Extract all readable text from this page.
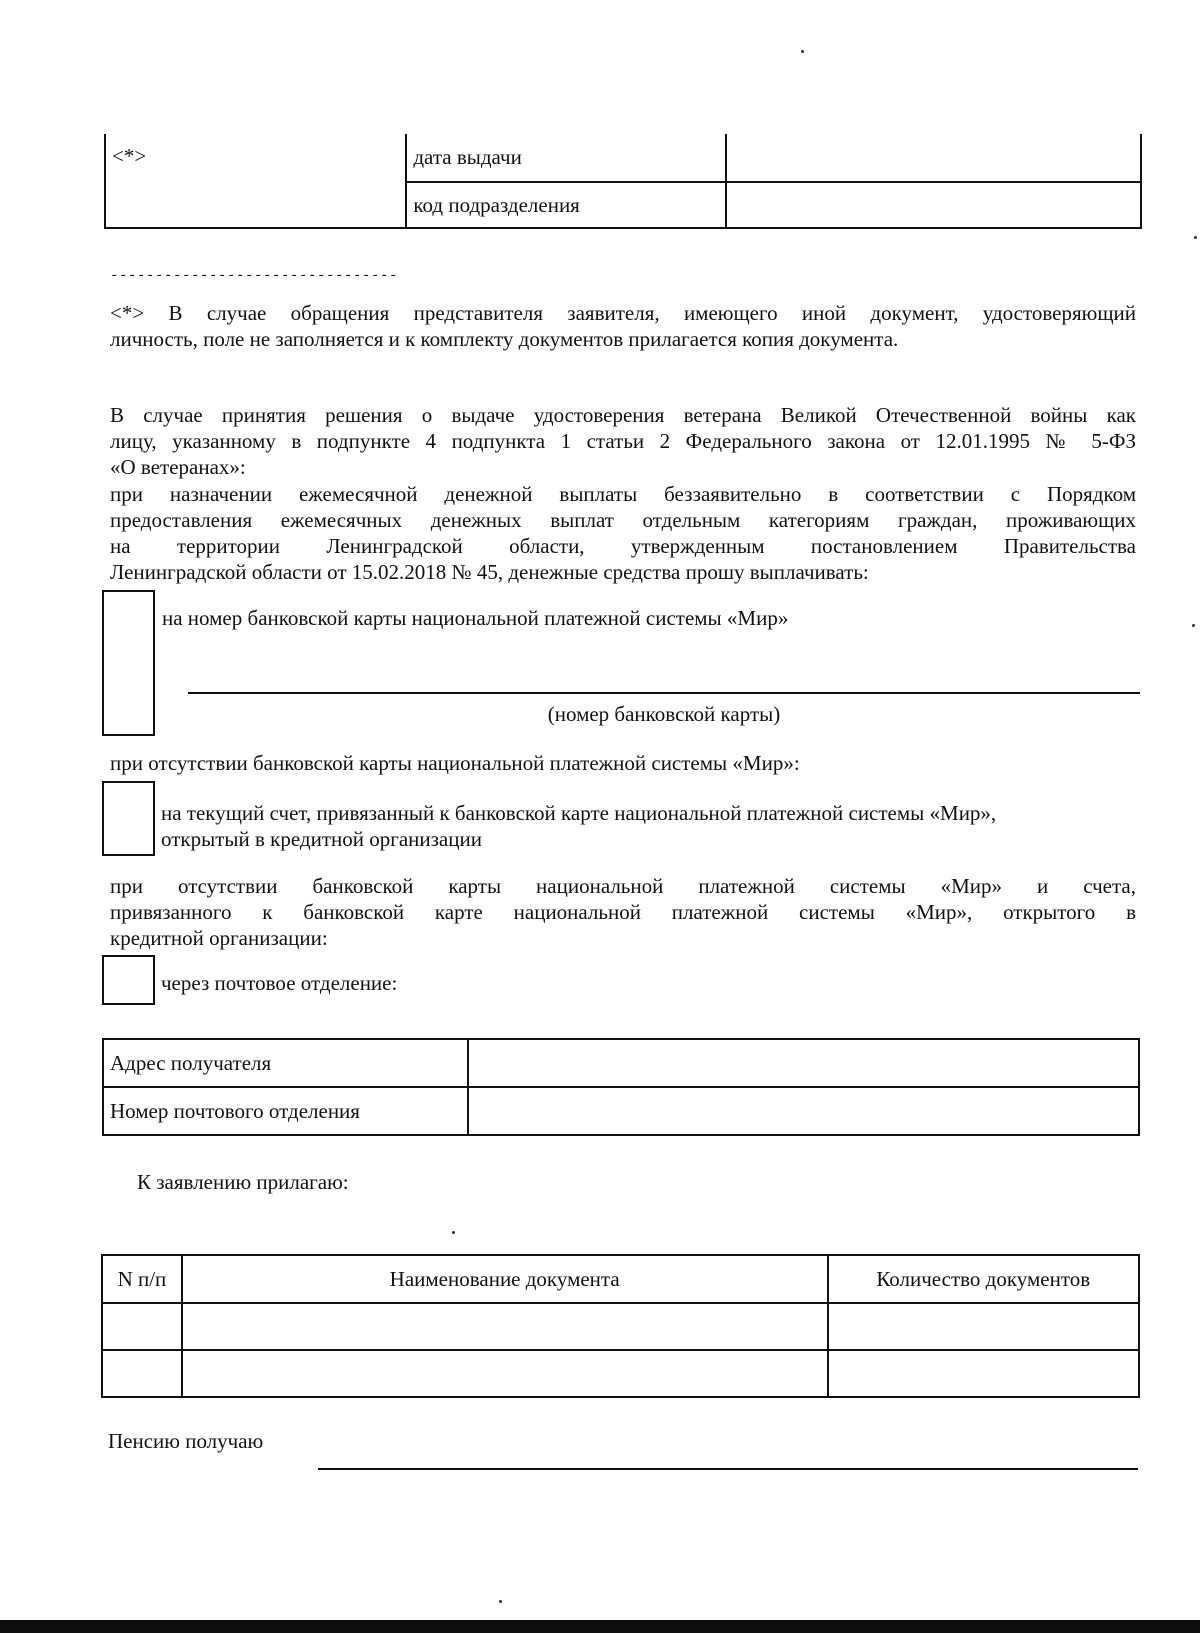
<*>	дата выдачи	
	код подразделения	
--------------------------------
<*> В случае обращения представителя заявителя, имеющего иной документ, удостоверяющий
личность, поле не заполняется и к комплекту документов прилагается копия документа.
В случае принятия решения о выдаче удостоверения ветерана Великой Отечественной войны как
лицу, указанному в подпункте 4 подпункта 1 статьи 2 Федерального закона от 12.01.1995 № 5-ФЗ
«О ветеранах»:
при назначении ежемесячной денежной выплаты беззаявительно в соответствии с Порядком
предоставления ежемесячных денежных выплат отдельным категориям граждан, проживающих
на территории Ленинградской области, утвержденным постановлением Правительства
Ленинградской области от 15.02.2018 № 45, денежные средства прошу выплачивать:
на номер банковской карты национальной платежной системы «Мир»
(номер банковской карты)
при отсутствии банковской карты национальной платежной системы «Мир»:
на текущий счет, привязанный к банковской карте национальной платежной системы «Мир»,
открытый в кредитной организации
при отсутствии банковской карты национальной платежной системы «Мир» и счета,
привязанного к банковской карте национальной платежной системы «Мир», открытого в
кредитной организации:
через почтовое отделение:
Адрес получателя	
Номер почтового отделения	
К заявлению прилагаю:
N п/п	Наименование документа	Количество документов

Пенсию получаю
